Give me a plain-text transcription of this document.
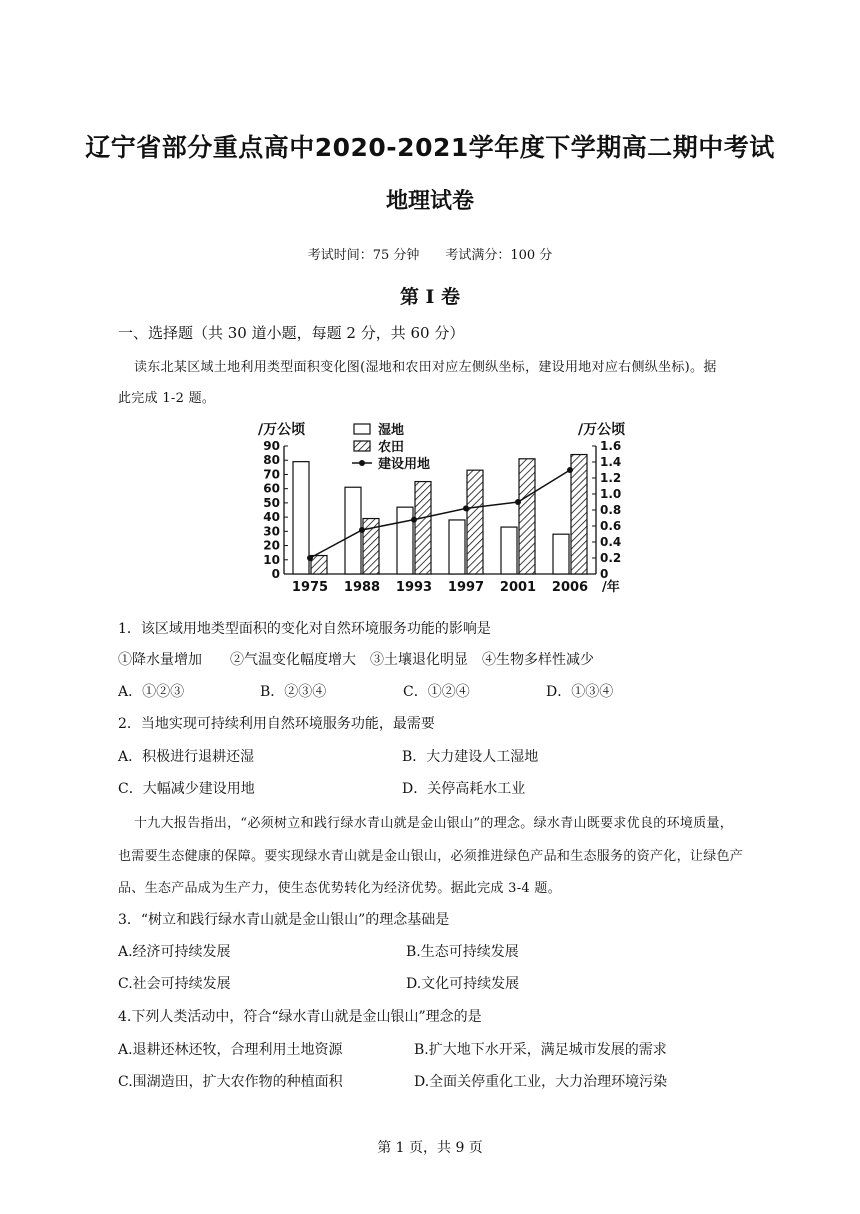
辽宁省部分重点高中2020-2021学年度下学期高二期中考试
地理试卷
考试时间：75 分钟　　考试满分：100 分
第 I 卷
一、选择题（共 30 道小题，每题 2 分，共 60 分）
读东北某区域土地利用类型面积变化图(湿地和农田对应左侧纵坐标，建设用地对应右侧纵坐标)。据
此完成 1-2 题。
0
10
20
30
40
50
60
70
80
90
0
0.2
0.4
0.6
0.8
1.0
1.2
1.4
1.6
/万公顷	/万公顷
1975 1988 1993 1997 2001 2006 /年
湿地
农田
建设用地
1．该区域用地类型面积的变化对自然环境服务功能的影响是
①降水量增加　　②气温变化幅度增大　③土壤退化明显　④生物多样性减少
A．①②③	B．②③④	C．①②④	D．①③④
2．当地实现可持续利用自然环境服务功能，最需要
A．积极进行退耕还湿	B．大力建设人工湿地
C．大幅减少建设用地	D．关停高耗水工业
十九大报告指出，“必须树立和践行绿水青山就是金山银山”的理念。绿水青山既要求优良的环境质量，
也需要生态健康的保障。要实现绿水青山就是金山银山，必须推进绿色产品和生态服务的资产化，让绿色产
品、生态产品成为生产力，使生态优势转化为经济优势。据此完成 3-4 题。
3．“树立和践行绿水青山就是金山银山”的理念基础是
A.经济可持续发展	B.生态可持续发展
C.社会可持续发展	D.文化可持续发展
4.下列人类活动中，符合“绿水青山就是金山银山”理念的是
A.退耕还林还牧，合理利用土地资源	B.扩大地下水开采，满足城市发展的需求
C.围湖造田，扩大农作物的种植面积	D.全面关停重化工业，大力治理环境污染
第 1 页，共 9 页
